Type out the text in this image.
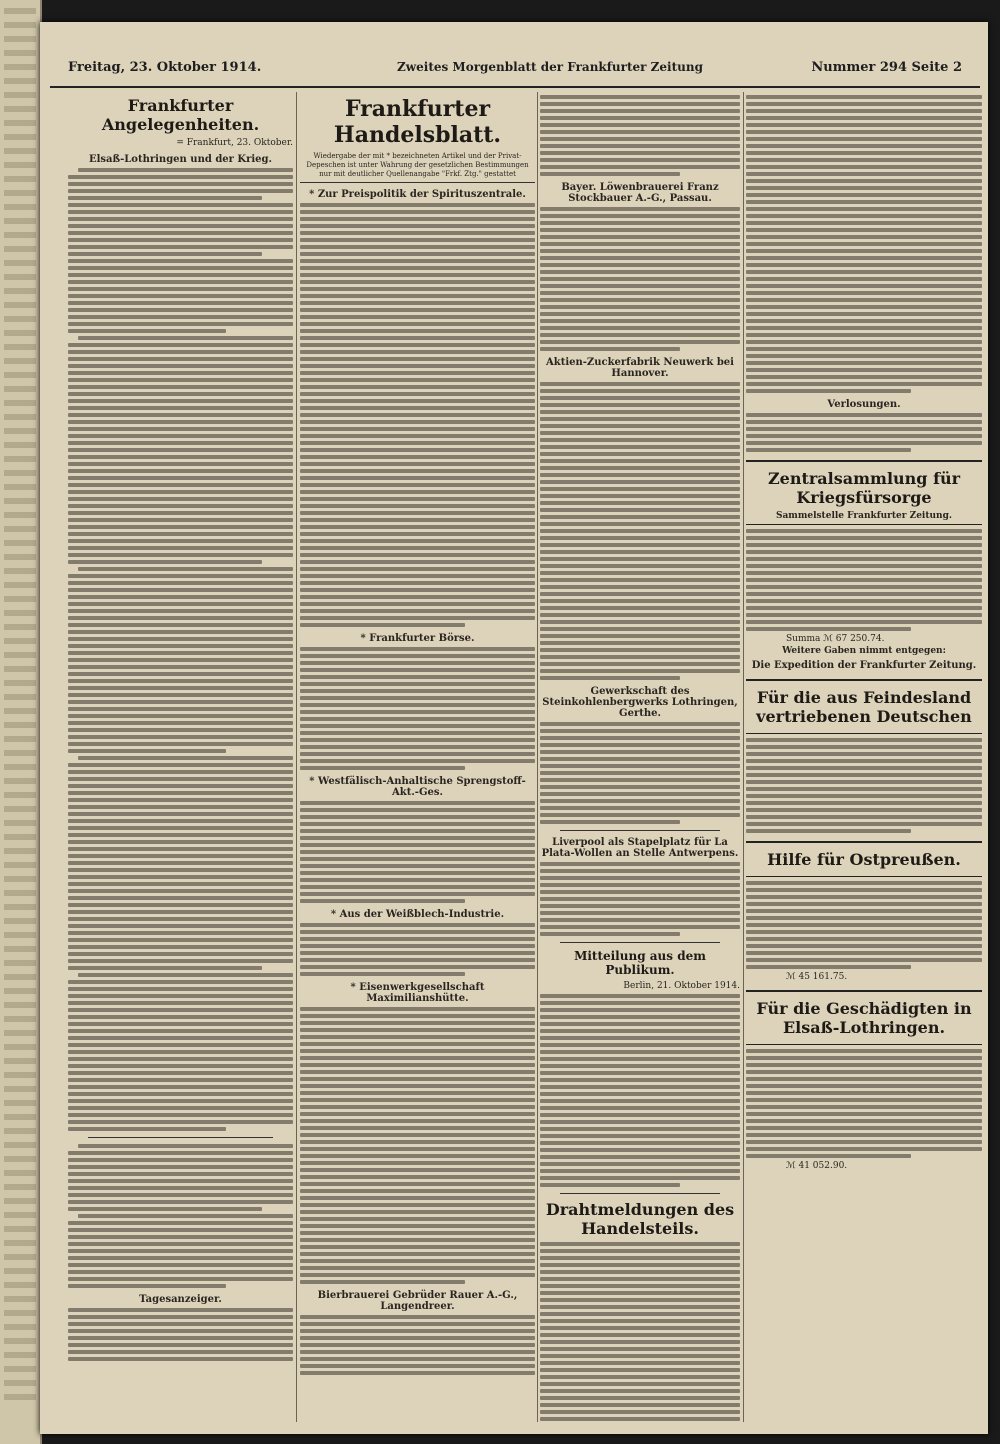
Freitag, 23. Oktober 1914.	Zweites Morgenblatt der Frankfurter Zeitung	Nummer 294 Seite 2
Frankfurter Angelegenheiten.
= Frankfurt, 23. Oktober.
Elsaß-Lothringen und der Krieg.
Tagesanzeiger.
Frankfurter Handelsblatt.
Wiedergabe der mit * bezeichneten Artikel und der Privat-Depeschen ist unter Wahrung der gesetzlichen Bestimmungen nur mit deutlicher Quellenangabe "Frkf. Ztg." gestattet
* Zur Preispolitik der Spirituszentrale.
* Frankfurter Börse.
* Westfälisch-Anhaltische Sprengstoff-Akt.-Ges.
* Aus der Weißblech-Industrie.
* Eisenwerkgesellschaft Maximilianshütte.
Bierbrauerei Gebrüder Rauer A.-G., Langendreer.
Bayer. Löwenbrauerei Franz Stockbauer A.-G., Passau.
Aktien-Zuckerfabrik Neuwerk bei Hannover.
Gewerkschaft des Steinkohlenbergwerks Lothringen, Gerthe.
Liverpool als Stapelplatz für La Plata-Wollen an Stelle Antwerpens.
Mitteilung aus dem Publikum.
Berlin, 21. Oktober 1914.
Drahtmeldungen des Handelsteils.
Verlosungen.
Zentralsammlung für Kriegsfürsorge
Sammelstelle Frankfurter Zeitung.
Summa ℳ 67 250.74.
Weitere Gaben nimmt entgegen:
Die Expedition der Frankfurter Zeitung.
Für die aus Feindesland vertriebenen Deutschen
Hilfe für Ostpreußen.
ℳ 45 161.75.
Für die Geschädigten in Elsaß-Lothringen.
ℳ 41 052.90.
